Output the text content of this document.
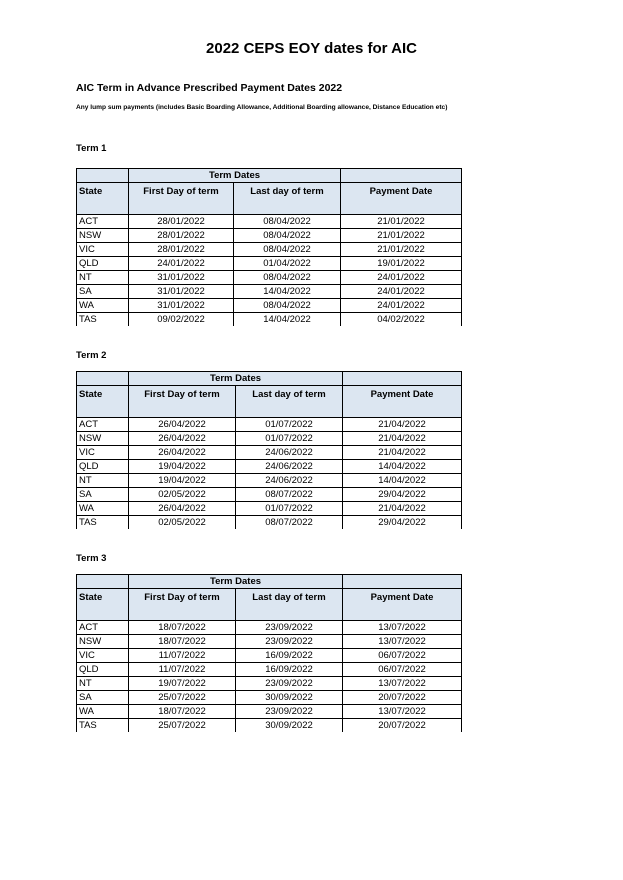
2022 CEPS EOY dates for AIC
AIC Term in Advance Prescribed Payment Dates 2022

Any lump sum payments (includes Basic Boarding Allowance, Additional Boarding allowance, Distance Education etc)

Term 1
	Term Dates		
State	First Day of term	Last day of term	Payment Date
ACT	28/01/2022	08/04/2022	21/01/2022
NSW	28/01/2022	08/04/2022	21/01/2022
VIC	28/01/2022	08/04/2022	21/01/2022
QLD	24/01/2022	01/04/2022	19/01/2022
NT	31/01/2022	08/04/2022	24/01/2022
SA	31/01/2022	14/04/2022	24/01/2022
WA	31/01/2022	08/04/2022	24/01/2022
TAS	09/02/2022	14/04/2022	04/02/2022
Term 2
	Term Dates		
State	First Day of term	Last day of term	Payment Date
ACT	26/04/2022	01/07/2022	21/04/2022
NSW	26/04/2022	01/07/2022	21/04/2022
VIC	26/04/2022	24/06/2022	21/04/2022
QLD	19/04/2022	24/06/2022	14/04/2022
NT	19/04/2022	24/06/2022	14/04/2022
SA	02/05/2022	08/07/2022	29/04/2022
WA	26/04/2022	01/07/2022	21/04/2022
TAS	02/05/2022	08/07/2022	29/04/2022
Term 3
	Term Dates		
State	First Day of term	Last day of term	Payment Date
ACT	18/07/2022	23/09/2022	13/07/2022
NSW	18/07/2022	23/09/2022	13/07/2022
VIC	11/07/2022	16/09/2022	06/07/2022
QLD	11/07/2022	16/09/2022	06/07/2022
NT	19/07/2022	23/09/2022	13/07/2022
SA	25/07/2022	30/09/2022	20/07/2022
WA	18/07/2022	23/09/2022	13/07/2022
TAS	25/07/2022	30/09/2022	20/07/2022
